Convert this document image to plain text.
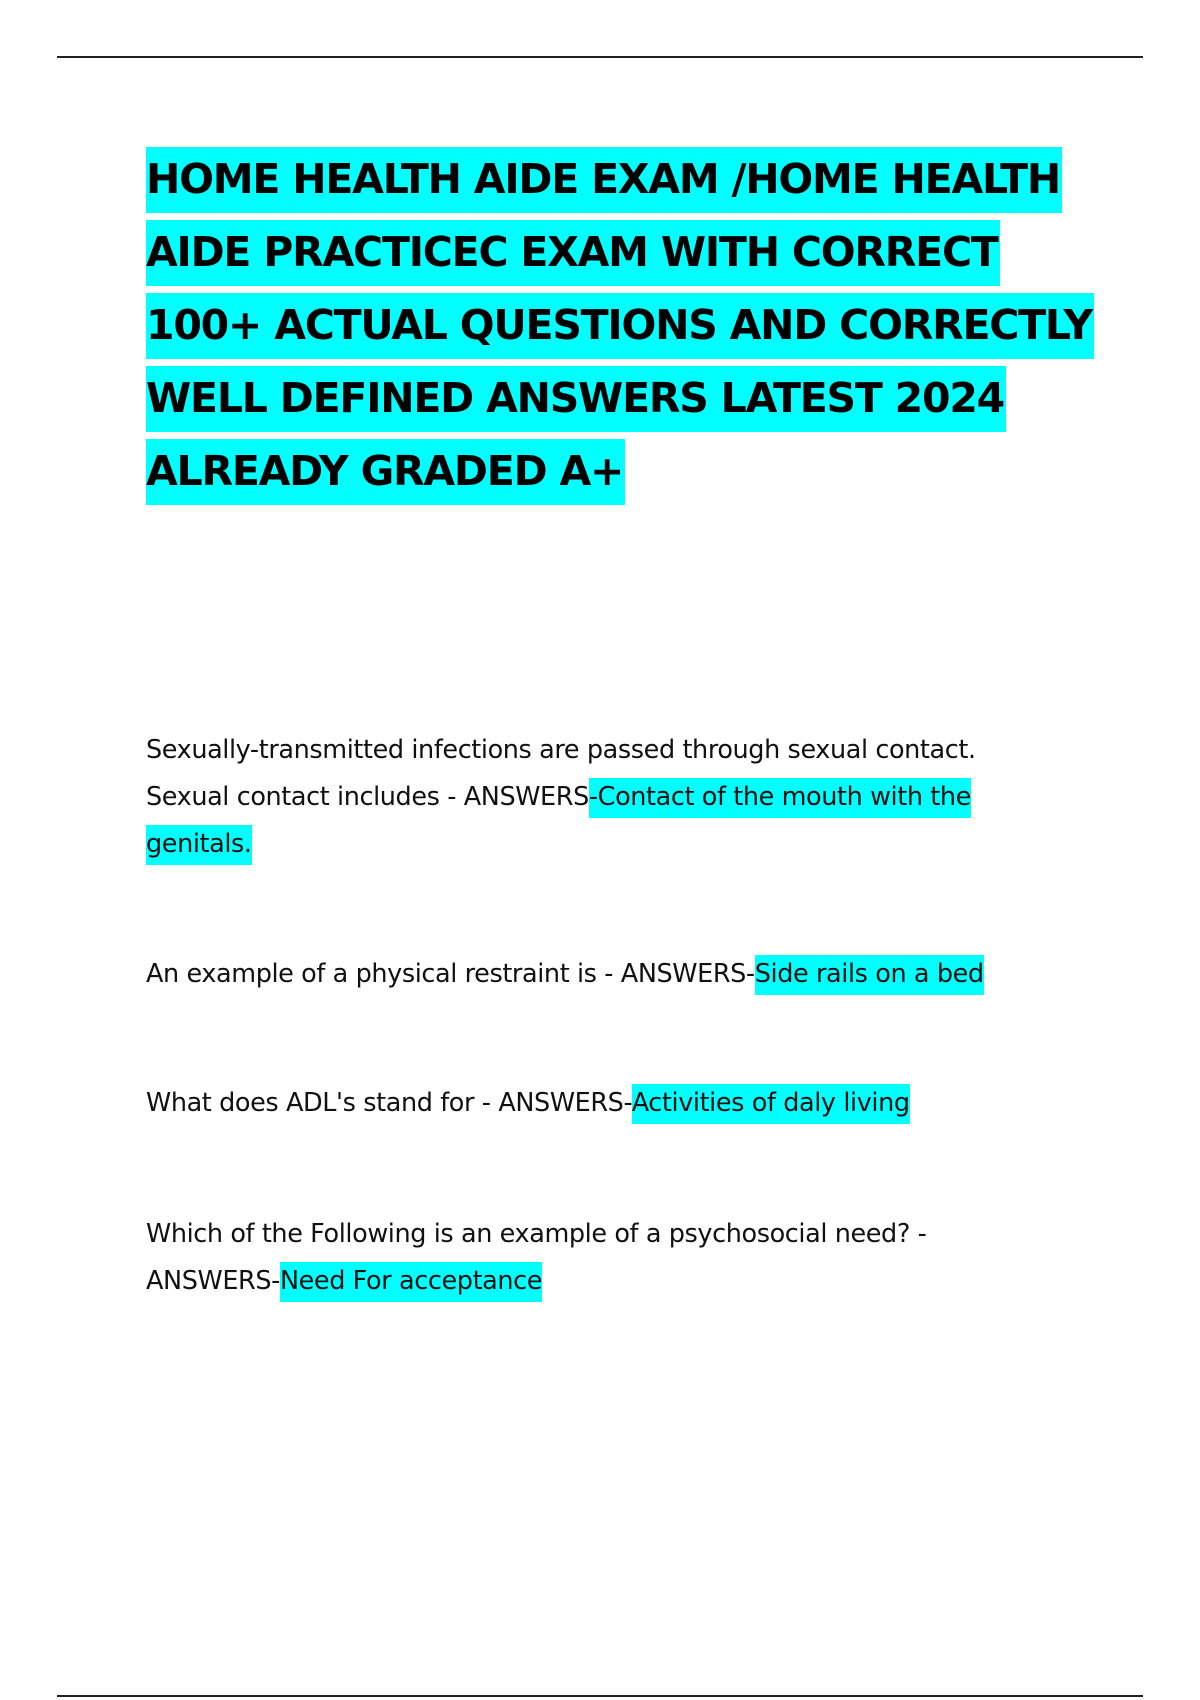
HOME HEALTH AIDE EXAM /HOME HEALTH AIDE PRACTICEC EXAM WITH CORRECT 100+ ACTUAL QUESTIONS AND CORRECTLY WELL DEFINED ANSWERS LATEST 2024 ALREADY GRADED A+

Sexually-transmitted infections are passed through sexual contact. Sexual contact includes - ANSWERS-Contact of the mouth with the genitals.

An example of a physical restraint is - ANSWERS-Side rails on a bed

What does ADL's stand for - ANSWERS-Activities of daly living

Which of the Following is an example of a psychosocial need? - ANSWERS-Need For acceptance
